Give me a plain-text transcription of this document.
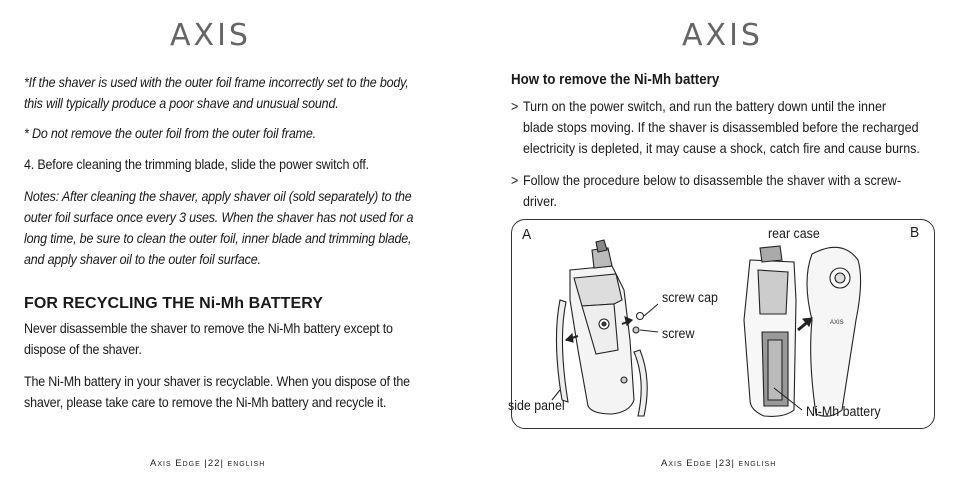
AXIS
*If the shaver is used with the outer foil frame incorrectly set to the body,
this will typically produce a poor shave and unusual sound.
* Do not remove the outer foil from the outer foil frame.
4. Before cleaning the trimming blade, slide the power switch off.
Notes: After cleaning the shaver, apply shaver oil (sold separately) to the
outer foil surface once every 3 uses. When the shaver has not used for a
long time, be sure to clean the outer foil, inner blade and trimming blade,
and apply shaver oil to the outer foil surface.
FOR RECYCLING THE Ni-Mh BATTERY
Never disassemble the shaver to remove the Ni-Mh battery except to
dispose of the shaver.
The Ni-Mh battery in your shaver is recyclable. When you dispose of the
shaver, please take care to remove the Ni-Mh battery and recycle it.
Axis Edge |22| english
AXIS
How to remove the Ni-Mh battery
> Turn on the power switch, and run the battery down until the inner
blade stops moving. If the shaver is disassembled before the recharged
electricity is depleted, it may cause a shock, catch fire and cause burns.
> Follow the procedure below to disassemble the shaver with a screw-
driver.
AXIS
A	B
rear case
screw cap
screw
side panel	Ni-Mh battery
Axis Edge |23| english
